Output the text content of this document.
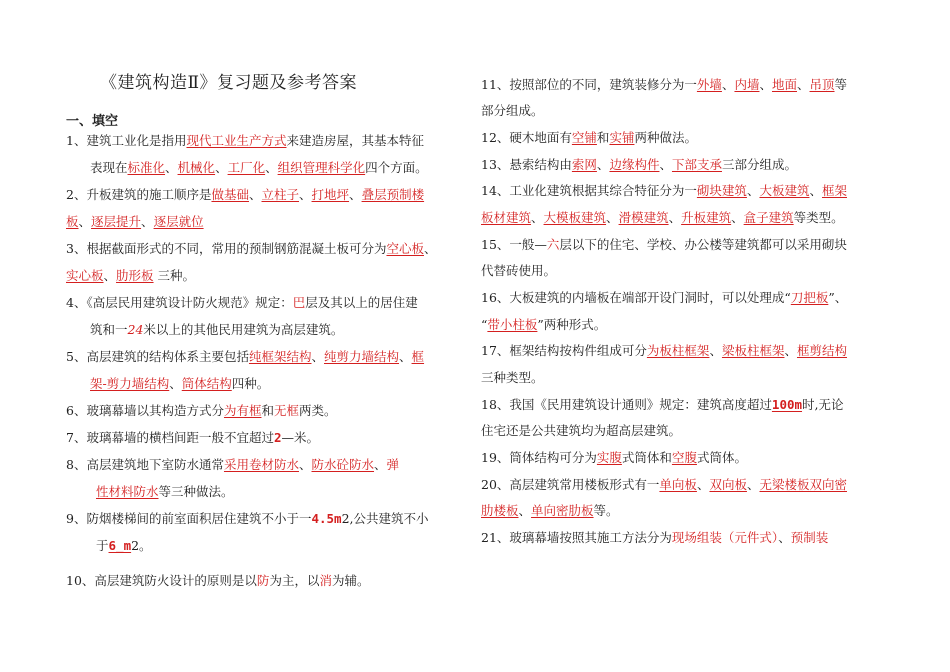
《建筑构造Ⅱ》复习题及参考答案
一、填空
1、建筑工业化是指用现代工业生产方式来建造房屋，其基本特征
表现在标准化、机械化、工厂化、组织管理科学化四个方面。
2、升板建筑的施工顺序是做基础、立柱子、打地坪、叠层预制楼
板、逐层提升、逐层就位
3、根据截面形式的不同，常用的预制钢筋混凝土板可分为空心板、
实心板、肋形板 三种。
4、《高层民用建筑设计防火规范》规定：巴层及其以上的居住建
筑和一24米以上的其他民用建筑为高层建筑。
5、高层建筑的结构体系主要包括纯框架结构、纯剪力墙结构、框
架-剪力墙结构、筒体结构四种。
6、玻璃幕墙以其构造方式分为有框和无框两类。
7、玻璃幕墙的横档间距一般不宜超过2—米。
8、高层建筑地下室防水通常采用卷材防水、防水砼防水、弹
性材料防水等三种做法。
9、防烟楼梯间的前室面积居住建筑不小于一4.5m2,公共建筑不小
于6_m2。
10、高层建筑防火设计的原则是以防为主，以消为辅。
11、按照部位的不同，建筑装修分为一外墙、内墙、地面、吊顶等
部分组成。
12、硬木地面有空铺和实铺两种做法。
13、悬索结构由索网、边缘构件、下部支承三部分组成。
14、工业化建筑根据其综合特征分为一砌块建筑、大板建筑、框架
板材建筑、大模板建筑、滑模建筑、升板建筑、盒子建筑等类型。
15、一般—六层以下的住宅、学校、办公楼等建筑都可以采用砌块
代替砖使用。
16、大板建筑的内墙板在端部开设门洞时，可以处理成“刀把板”、
“带小柱板”两种形式。
17、框架结构按构件组成可分为板柱框架、梁板柱框架、框剪结构
三种类型。
18、我国《民用建筑设计通则》规定：建筑高度超过100m时,无论
住宅还是公共建筑均为超高层建筑。
19、筒体结构可分为实腹式筒体和空腹式筒体。
20、高层建筑常用楼板形式有一单向板、双向板、无梁楼板双向密
肋楼板、单向密肋板等。
21、玻璃幕墙按照其施工方法分为现场组装（元件式）、预制装
